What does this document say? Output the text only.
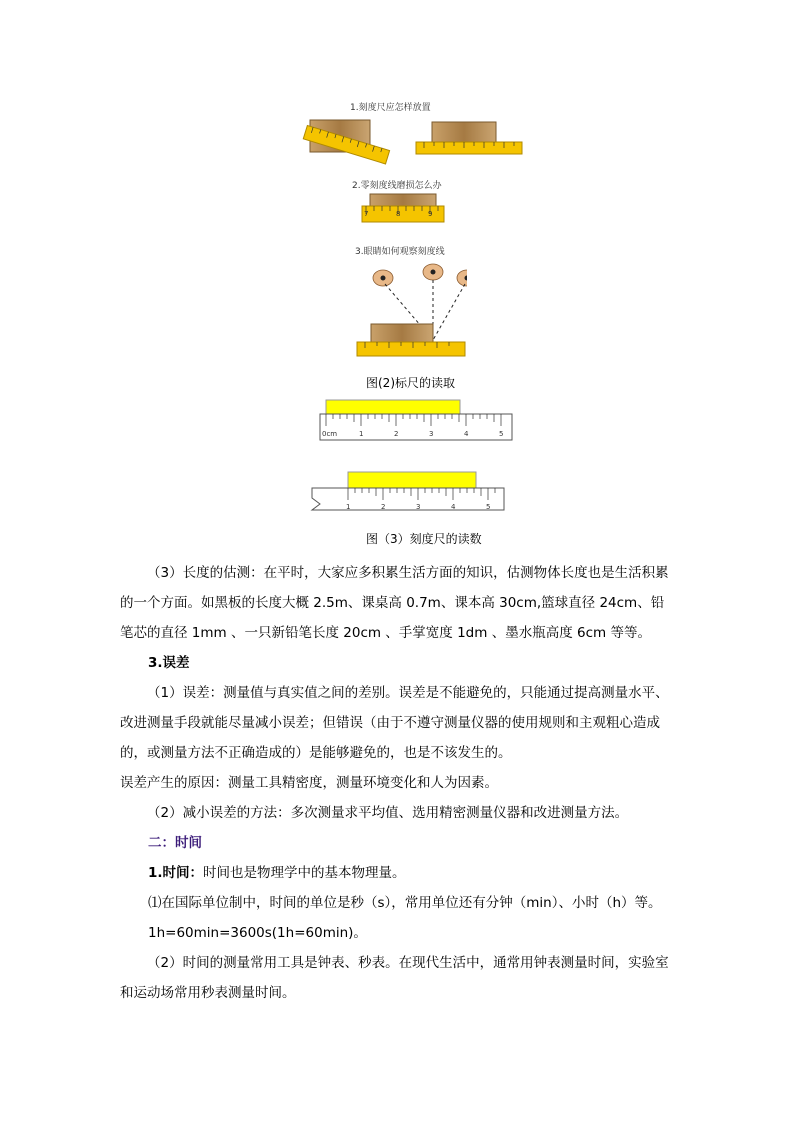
1.刻度尺应怎样放置
2.零刻度线磨损怎么办
7	8	9
3.眼睛如何观察刻度线
图(2)标尺的读取
0cm	1	2	3	4	5
1	2	3	4	5
图（3）刻度尺的读数
（3）长度的估测：在平时，大家应多积累生活方面的知识，估测物体长度也是生活积累的一个方面。如黑板的长度大概 2.5m、课桌高 0.7m、课本高 30cm,篮球直径 24cm、铅笔芯的直径 1mm 、一只新铅笔长度 20cm 、手掌宽度 1dm 、墨水瓶高度 6cm 等等。
3.误差
（1）误差：测量值与真实值之间的差别。误差是不能避免的，只能通过提高测量水平、改进测量手段就能尽量减小误差；但错误（由于不遵守测量仪器的使用规则和主观粗心造成的，或测量方法不正确造成的）是能够避免的，也是不该发生的。
误差产生的原因：测量工具精密度，测量环境变化和人为因素。
（2）减小误差的方法：多次测量求平均值、选用精密测量仪器和改进测量方法。
二：时间
1.时间：时间也是物理学中的基本物理量。
⑴在国际单位制中，时间的单位是秒（s），常用单位还有分钟（min）、小时（h）等。
1h=60min=3600s(1h=60min)。
（2）时间的测量常用工具是钟表、秒表。在现代生活中，通常用钟表测量时间，实验室和运动场常用秒表测量时间。
